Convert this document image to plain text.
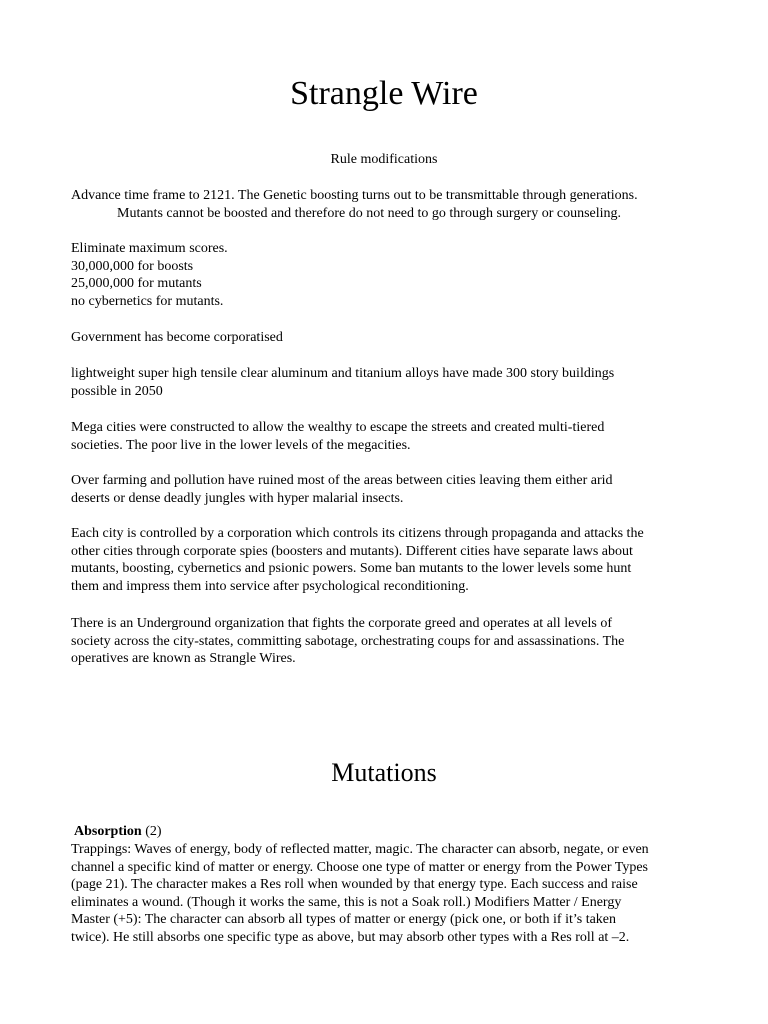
Strangle Wire

Rule modifications

Advance time frame to 2121. The Genetic boosting turns out to be transmittable through generations.
Mutants cannot be boosted and therefore do not need to go through surgery or counseling.

Eliminate maximum scores.
30,000,000 for boosts
25,000,000 for mutants
no cybernetics for mutants.

Government has become corporatised

lightweight super high tensile clear aluminum and titanium alloys have made 300 story buildings
possible in 2050

Mega cities were constructed to allow the wealthy to escape the streets and created multi-tiered
societies. The poor live in the lower levels of the megacities.

Over farming and pollution have ruined most of the areas between cities leaving them either arid
deserts or dense deadly jungles with hyper malarial insects.

Each city is controlled by a corporation which controls its citizens through propaganda and attacks the
other cities through corporate spies (boosters and mutants). Different cities have separate laws about
mutants, boosting, cybernetics and psionic powers. Some ban mutants to the lower levels some hunt
them and impress them into service after psychological reconditioning.

There is an Underground organization that fights the corporate greed and operates at all levels of
society across the city-states, committing sabotage, orchestrating coups for and assassinations. The
operatives are known as Strangle Wires.

Mutations

Absorption (2)

Trappings: Waves of energy, body of reflected matter, magic. The character can absorb, negate, or even
channel a specific kind of matter or energy. Choose one type of matter or energy from the Power Types
(page 21). The character makes a Res roll when wounded by that energy type. Each success and raise
eliminates a wound. (Though it works the same, this is not a Soak roll.) Modifiers Matter / Energy
Master (+5): The character can absorb all types of matter or energy (pick one, or both if it’s taken
twice). He still absorbs one specific type as above, but may absorb other types with a Res roll at –2.
